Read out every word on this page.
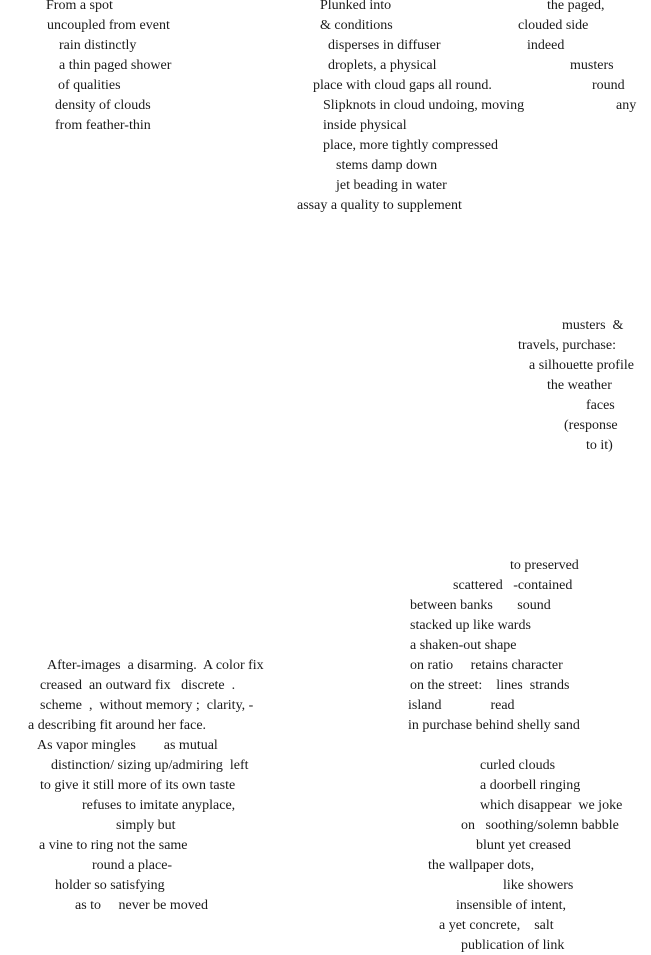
From a spot
uncoupled from event
rain distinctly
a thin paged shower
of qualities
density of clouds
from feather-thin
Plunked into
& conditions
disperses in diffuser
droplets, a physical
place with cloud gaps all round.
Slipknots in cloud undoing, moving
inside physical
place, more tightly compressed
stems damp down
jet beading in water
assay a quality to supplement
the paged,
clouded side
indeed
musters
round
any
musters  &
travels, purchase:
a silhouette profile
the weather
faces
(response
to it)
to preserved
scattered   -contained
between banks       sound
stacked up like wards
a shaken-out shape
on ratio     retains character
on the street:    lines  strands
island              read
in purchase behind shelly sand
After-images  a disarming.  A color fix
creased  an outward fix   discrete  .
scheme  ,  without memory ;  clarity, -
a describing fit around her face.
As vapor mingles        as mutual
distinction/ sizing up/admiring  left
to give it still more of its own taste
refuses to imitate anyplace,
simply but
a vine to ring not the same
round a place-
holder so satisfying
as to     never be moved
curled clouds
a doorbell ringing
which disappear  we joke
on   soothing/solemn babble
blunt yet creased
the wallpaper dots,
like showers
insensible of intent,
a yet concrete,    salt
publication of link
